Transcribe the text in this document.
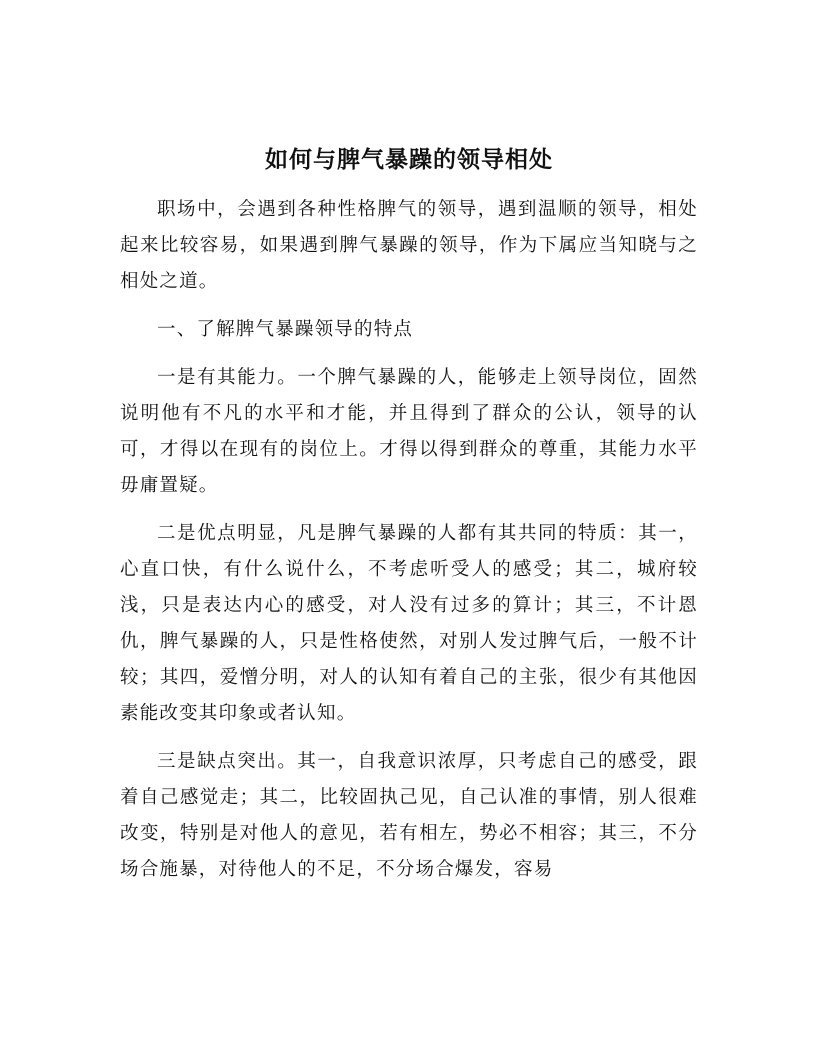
如何与脾气暴躁的领导相处

职场中，会遇到各种性格脾气的领导，遇到温顺的领导，相处起来比较容易，如果遇到脾气暴躁的领导，作为下属应当知晓与之相处之道。

一、了解脾气暴躁领导的特点

一是有其能力。一个脾气暴躁的人，能够走上领导岗位，固然说明他有不凡的水平和才能，并且得到了群众的公认，领导的认可，才得以在现有的岗位上。才得以得到群众的尊重，其能力水平毋庸置疑。

二是优点明显，凡是脾气暴躁的人都有其共同的特质：其一，心直口快，有什么说什么，不考虑听受人的感受；其二，城府较浅，只是表达内心的感受，对人没有过多的算计；其三，不计恩仇，脾气暴躁的人，只是性格使然，对别人发过脾气后，一般不计较；其四，爱憎分明，对人的认知有着自己的主张，很少有其他因素能改变其印象或者认知。

三是缺点突出。其一，自我意识浓厚，只考虑自己的感受，跟着自己感觉走；其二，比较固执己见，自己认准的事情，别人很难改变，特别是对他人的意见，若有相左，势必不相容；其三，不分场合施暴，对待他人的不足，不分场合爆发，容易
